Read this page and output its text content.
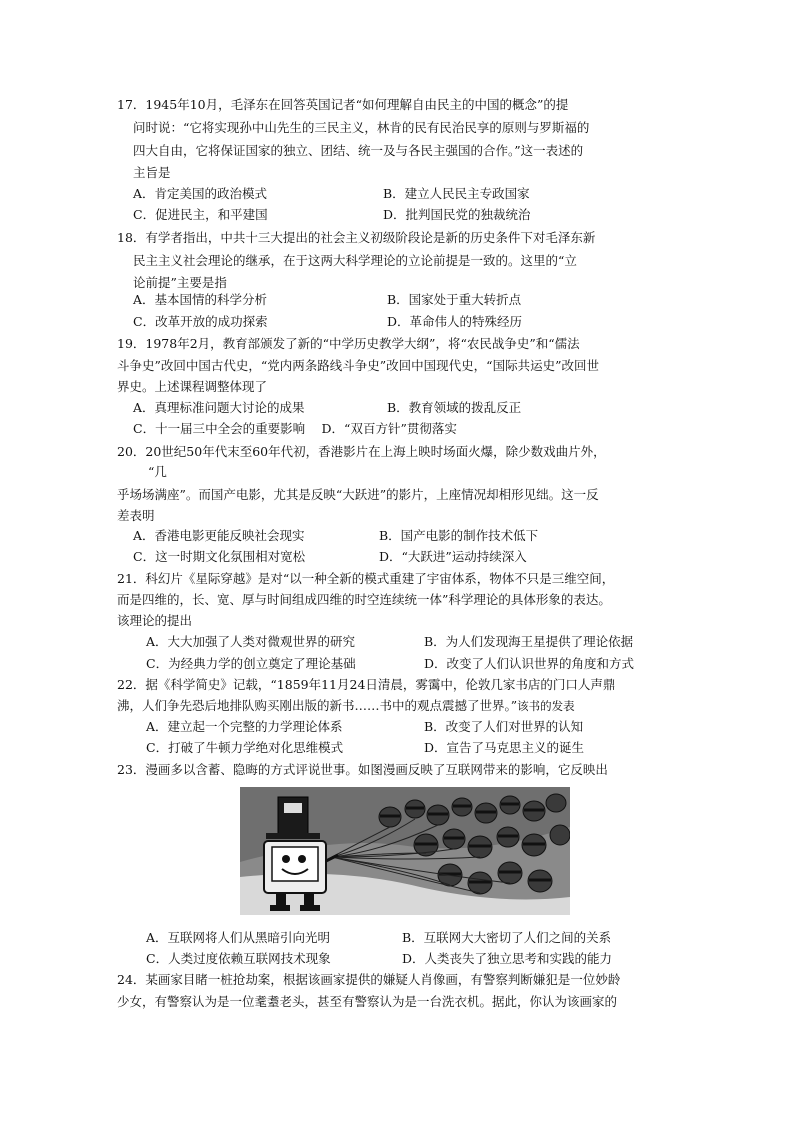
17．1945年10月，毛泽东在回答英国记者“如何理解自由民主的中国的概念”的提
问时说：“它将实现孙中山先生的三民主义，林肯的民有民治民享的原则与罗斯福的
四大自由，它将保证国家的独立、团结、统一及与各民主强国的合作。”这一表述的
主旨是
A．肯定美国的政治模式	B．建立人民民主专政国家
C．促进民主，和平建国	D．批判国民党的独裁统治
18．有学者指出，中共十三大提出的社会主义初级阶段论是新的历史条件下对毛泽东新
民主主义社会理论的继承，在于这两大科学理论的立论前提是一致的。这里的“立
论前提”主要是指
A．基本国情的科学分析	B．国家处于重大转折点
C．改革开放的成功探索	D．革命伟人的特殊经历
19．1978年2月，教育部颁发了新的“中学历史教学大纲”，将“农民战争史”和“儒法
斗争史”改回中国古代史，“党内两条路线斗争史”改回中国现代史，“国际共运史”改回世
界史。上述课程调整体现了
A．真理标准问题大讨论的成果	B．教育领域的拨乱反正
C．十一届三中全会的重要影响　 D．“双百方针”贯彻落实
20．20世纪50年代末至60年代初，香港影片在上海上映时场面火爆，除少数戏曲片外，
“几
乎场场满座”。而国产电影，尤其是反映“大跃进”的影片，上座情况却相形见绌。这一反
差表明
A．香港电影更能反映社会现实	B．国产电影的制作技术低下
C．这一时期文化氛围相对宽松	D．“大跃进”运动持续深入
21．科幻片《星际穿越》是对“以一种全新的模式重建了宇宙体系，物体不只是三维空间，
而是四维的，长、宽、厚与时间组成四维的时空连续统一体”科学理论的具体形象的表达。
该理论的提出
A．大大加强了人类对微观世界的研究	B．为人们发现海王星提供了理论依据
C．为经典力学的创立奠定了理论基础	D．改变了人们认识世界的角度和方式
22．据《科学简史》记载，“1859年11月24日清晨，雾霭中，伦敦几家书店的门口人声鼎
沸，人们争先恐后地排队购买刚出版的新书……书中的观点震撼了世界。”该书的发表
A．建立起一个完整的力学理论体系	B．改变了人们对世界的认知
C．打破了牛顿力学绝对化思维模式	D．宣告了马克思主义的诞生
23．漫画多以含蓄、隐晦的方式评说世事。如图漫画反映了互联网带来的影响，它反映出
A．互联网将人们从黑暗引向光明	B．互联网大大密切了人们之间的关系
C．人类过度依赖互联网技术现象	D．人类丧失了独立思考和实践的能力
24．某画家目睹一桩抢劫案，根据该画家提供的嫌疑人肖像画，有警察判断嫌犯是一位妙龄
少女，有警察认为是一位耄耋老头，甚至有警察认为是一台洗衣机。据此，你认为该画家的
